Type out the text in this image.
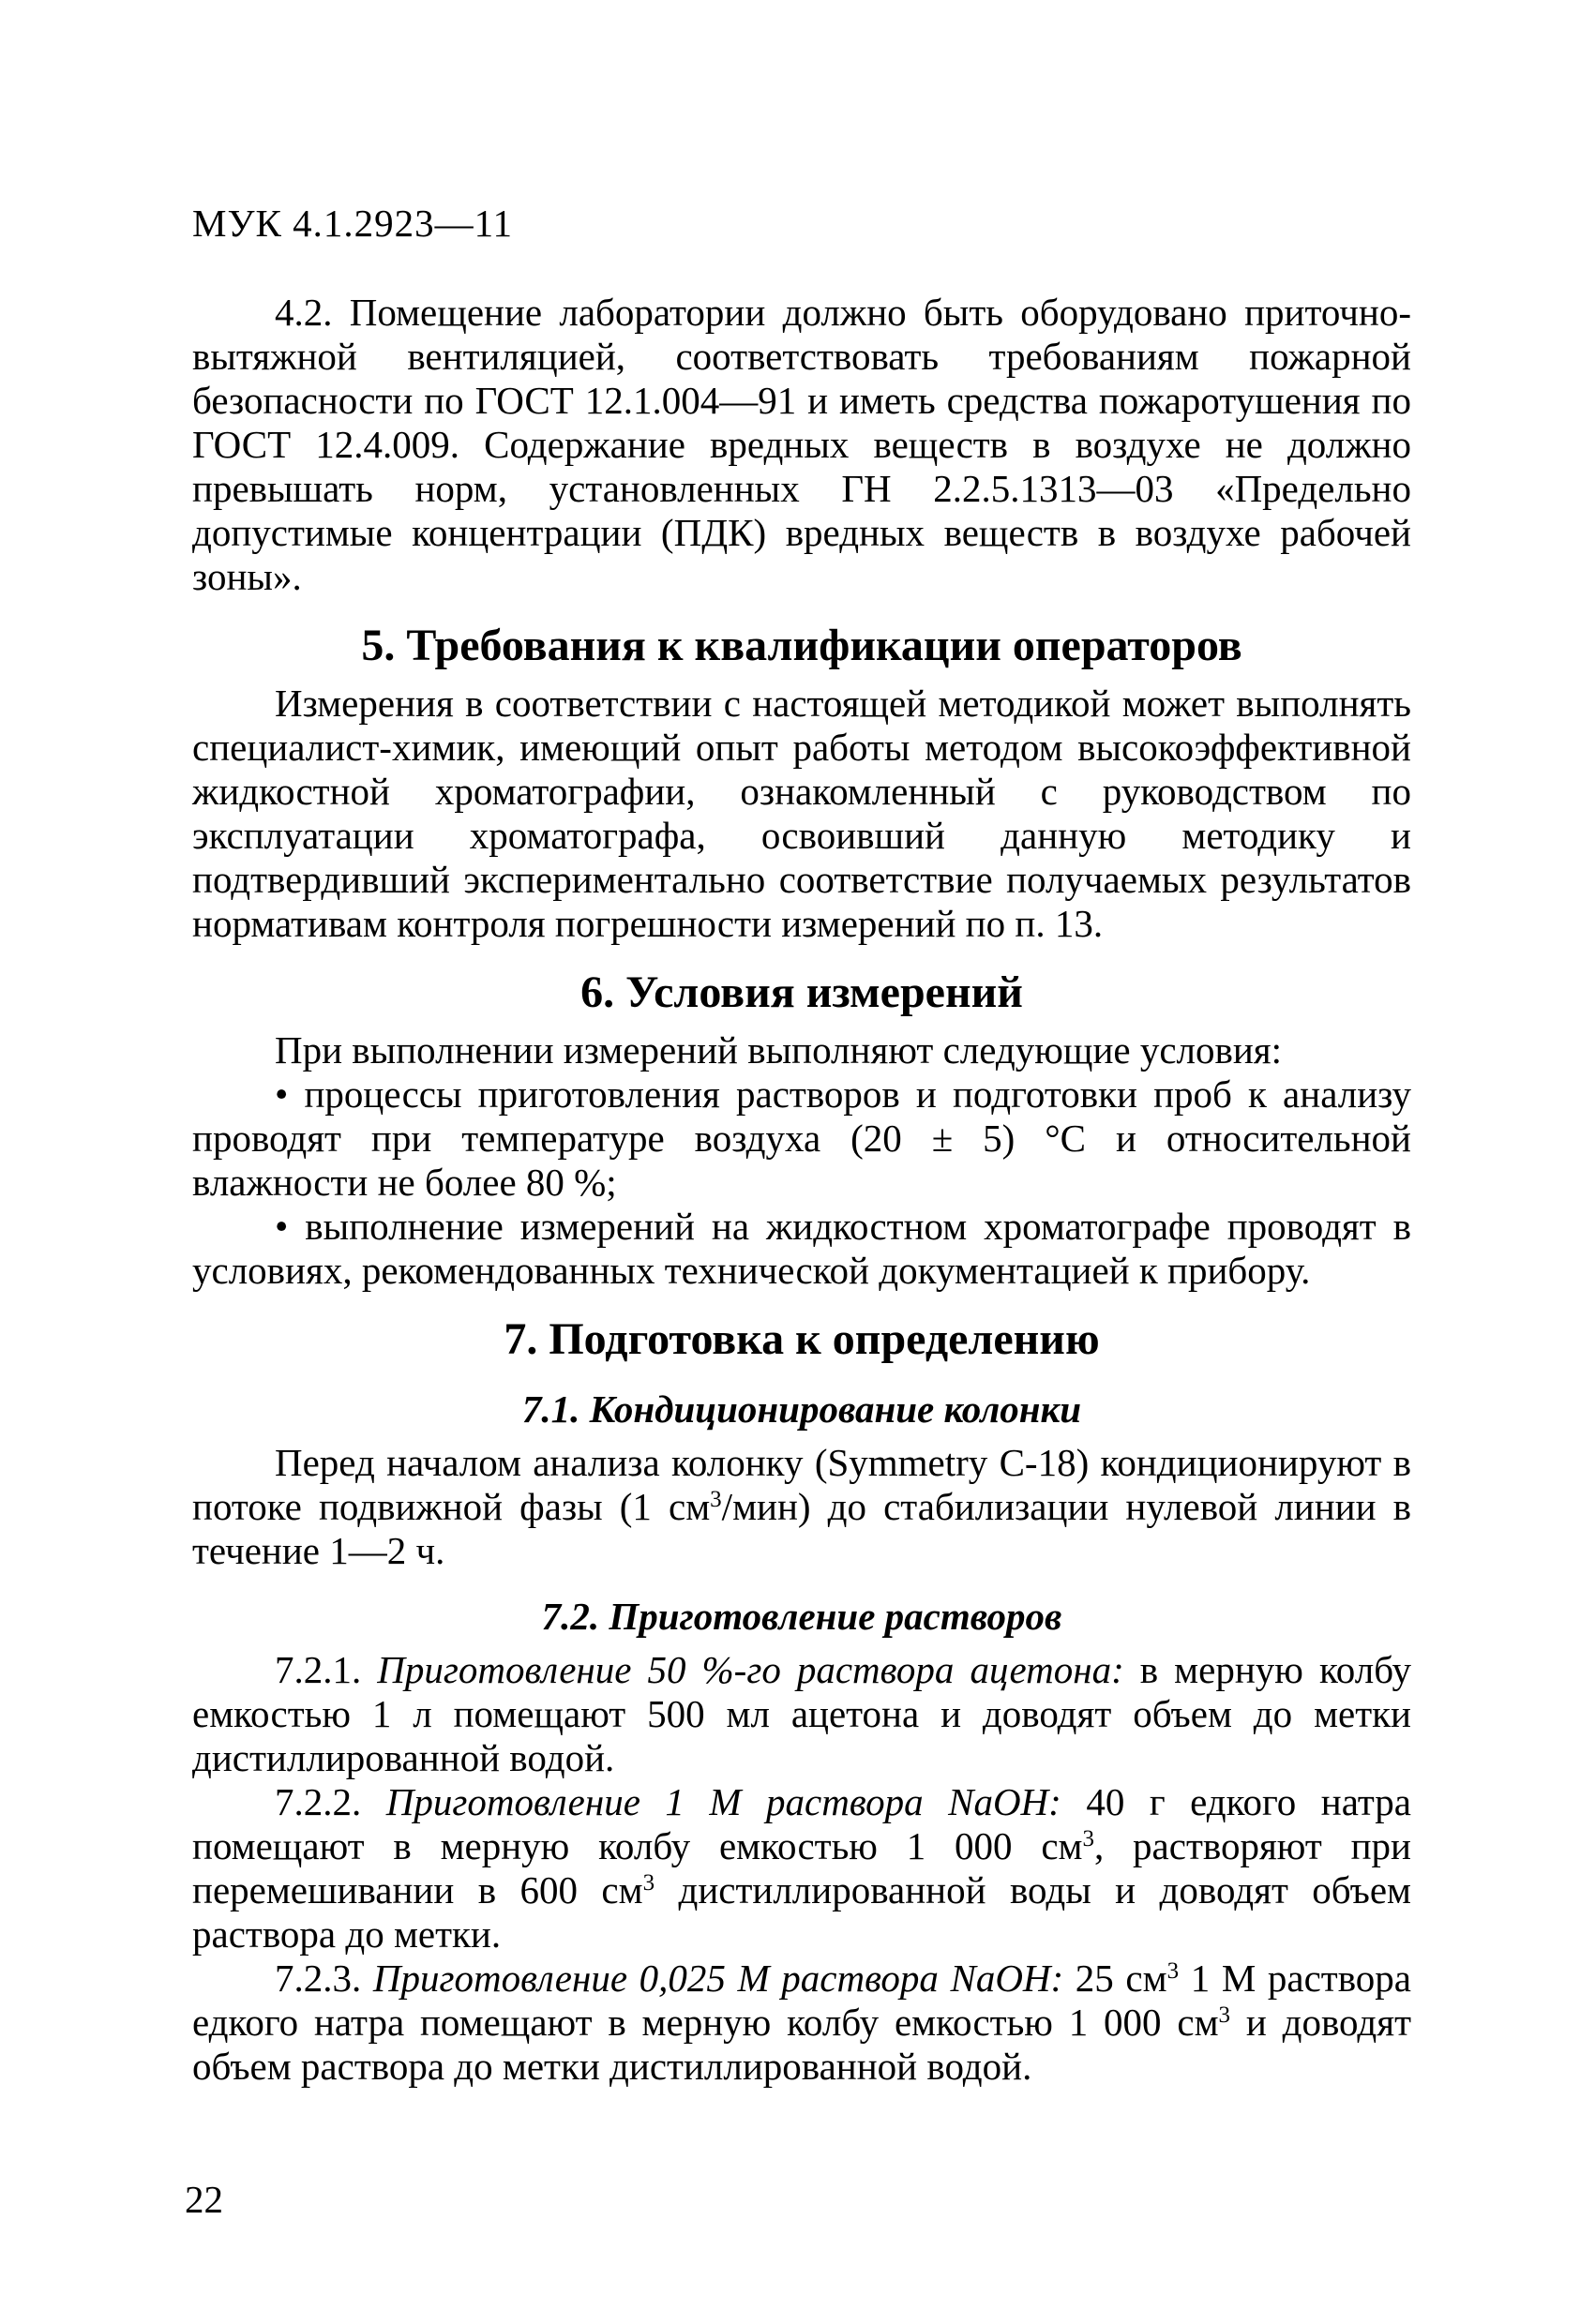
МУК 4.1.2923—11

4.2. Помещение лаборатории должно быть оборудовано приточно-вытяжной вентиляцией, соответствовать требованиям пожарной безопасности по ГОСТ 12.1.004—91 и иметь средства пожаротушения по ГОСТ 12.4.009. Содержание вредных веществ в воздухе не должно превышать норм, установленных ГН 2.2.5.1313—03 «Предельно допустимые концентрации (ПДК) вредных веществ в воздухе рабочей зоны».

5. Требования к квалификации операторов

Измерения в соответствии с настоящей методикой может выполнять специалист-химик, имеющий опыт работы методом высокоэффективной жидкостной хроматографии, ознакомленный с руководством по эксплуатации хроматографа, освоивший данную методику и подтвердивший экспериментально соответствие получаемых результатов нормативам контроля погрешности измерений по п. 13.

6. Условия измерений

При выполнении измерений выполняют следующие условия:

• процессы приготовления растворов и подготовки проб к анализу проводят при температуре воздуха (20 ± 5) °С и относительной влажности не более 80 %;

• выполнение измерений на жидкостном хроматографе проводят в условиях, рекомендованных технической документацией к прибору.

7. Подготовка к определению
7.1. Кондиционирование колонки

Перед началом анализа колонку (Symmetry С-18) кондиционируют в потоке подвижной фазы (1 $см^3/мин$) до стабилизации нулевой линии в течение 1—2 ч.

7.2. Приготовление растворов

7.2.1. Приготовление 50 %-го раствора ацетона: в мерную колбу емкостью 1 л помещают 500 мл ацетона и доводят объем до метки дистиллированной водой.

7.2.2. Приготовление 1 М раствора NaOH: 40 г едкого натра помещают в мерную колбу емкостью 1 000 $см^3$, растворяют при перемешивании в 600 $см^3$ дистиллированной воды и доводят объем раствора до метки.

7.2.3. Приготовление 0,025 М раствора NaOH: 25 $см^3$ 1 М раствора едкого натра помещают в мерную колбу емкостью 1 000 $см^3$ и доводят объем раствора до метки дистиллированной водой.

22
